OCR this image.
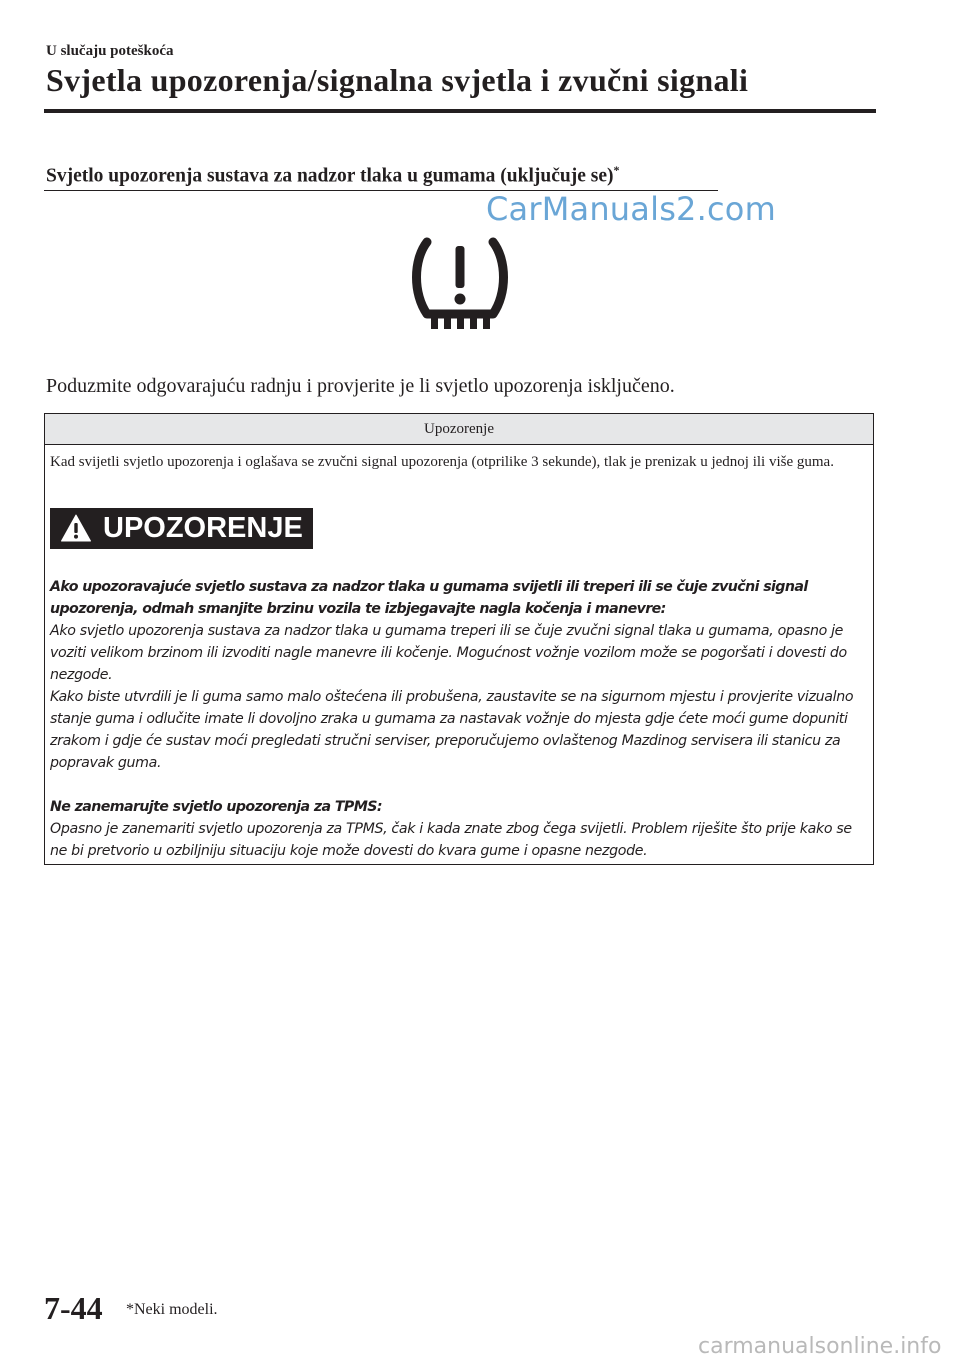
U slučaju poteškoća
Svjetla upozorenja/signalna svjetla i zvučni signali
Svjetlo upozorenja sustava za nadzor tlaka u gumama (uključuje se)*
CarManuals2.com
Poduzmite odgovarajuću radnju i provjerite je li svjetlo upozorenja isključeno.
Upozorenje
Kad svijetli svjetlo upozorenja i oglašava se zvučni signal upozorenja (otprilike 3 sekunde), tlak je prenizak u jednoj ili više guma.
UPOZORENJE
Ako upozoravajuće svjetlo sustava za nadzor tlaka u gumama svijetli ili treperi ili se čuje zvučni signal upozorenja, odmah smanjite brzinu vozila te izbjegavajte nagla kočenja i manevre:
Ako svjetlo upozorenja sustava za nadzor tlaka u gumama treperi ili se čuje zvučni signal tlaka u gumama, opasno je voziti velikom brzinom ili izvoditi nagle manevre ili kočenje. Mogućnost vožnje vozilom može se pogoršati i dovesti do nezgode.
Kako biste utvrdili je li guma samo malo oštećena ili probušena, zaustavite se na sigurnom mjestu i provjerite vizualno stanje guma i odlučite imate li dovoljno zraka u gumama za nastavak vožnje do mjesta gdje ćete moći gume dopuniti zrakom i gdje će sustav moći pregledati stručni serviser, preporučujemo ovlaštenog Mazdinog servisera ili stanicu za popravak guma.
Ne zanemarujte svjetlo upozorenja za TPMS:
Opasno je zanemariti svjetlo upozorenja za TPMS, čak i kada znate zbog čega svijetli. Problem riješite što prije kako se ne bi pretvorio u ozbiljniju situaciju koje može dovesti do kvara gume i opasne nezgode.
7-44 *Neki modeli.
carmanualsonline.info
